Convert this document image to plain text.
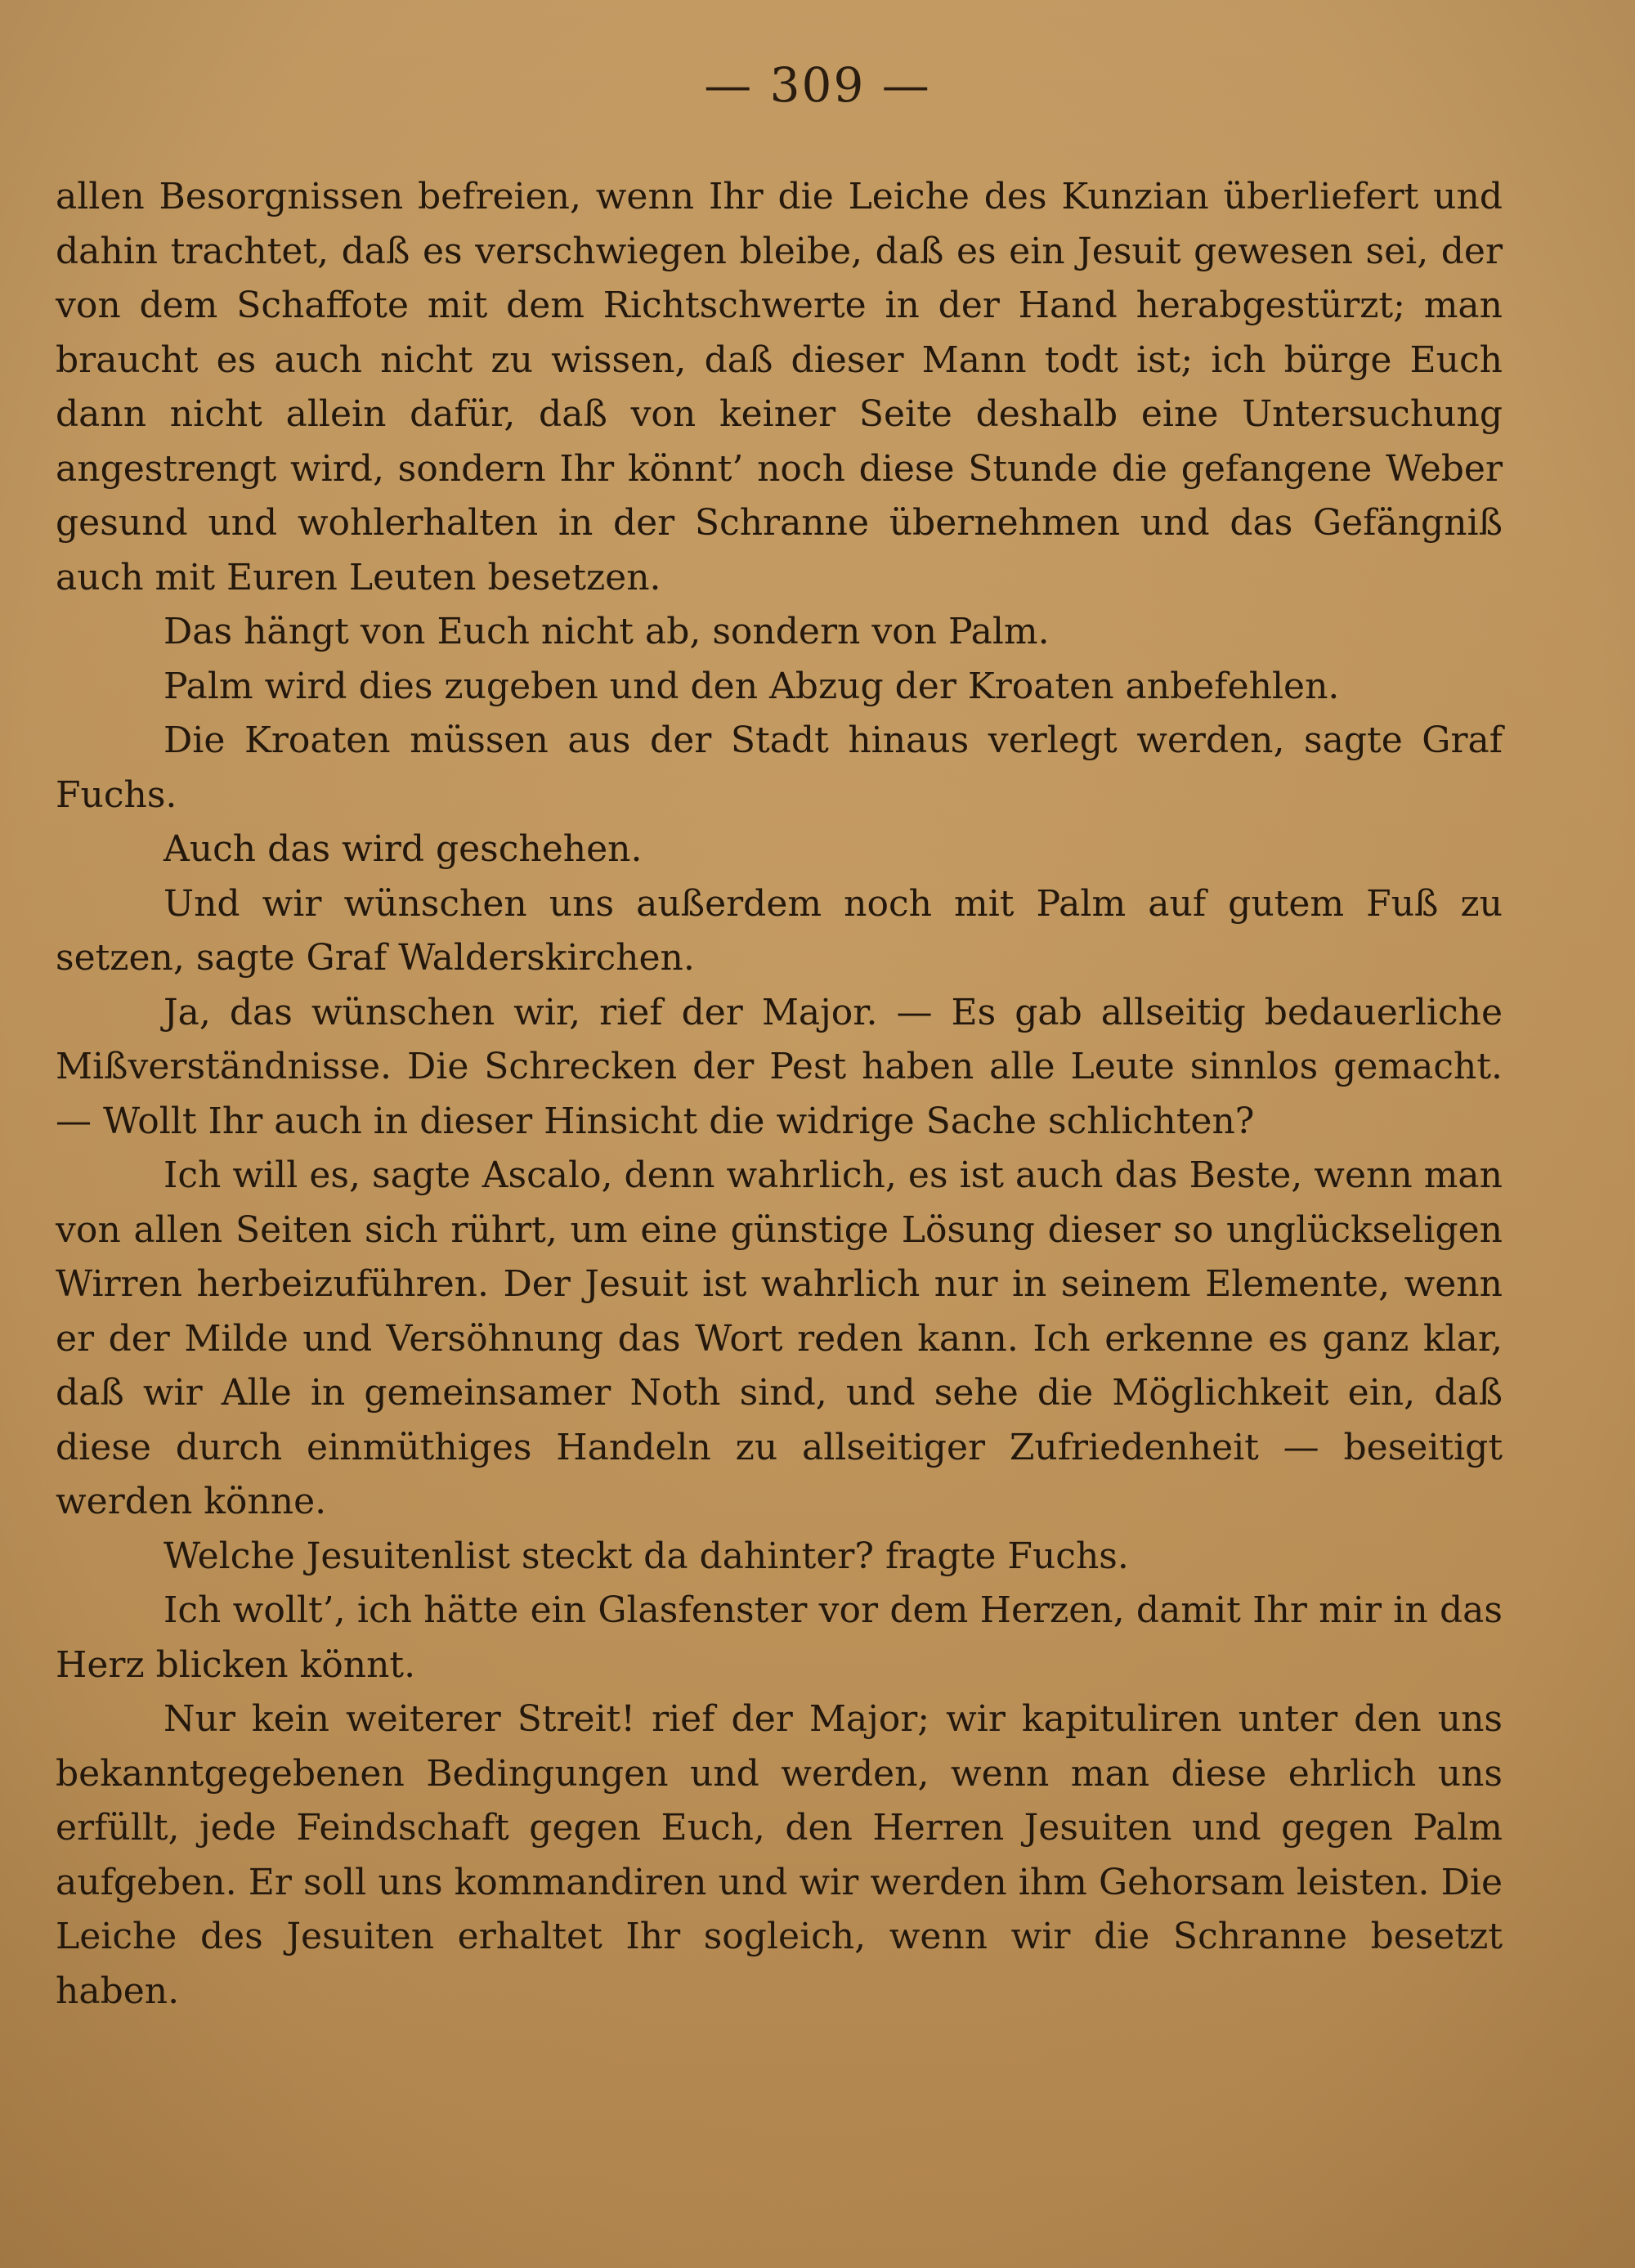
— 309 —

allen Besorgnissen befreien, wenn Ihr die Leiche des Kunzian überliefert und dahin trachtet, daß es verschwiegen bleibe, daß es ein Jesuit gewesen sei, der von dem Schaffote mit dem Richtschwerte in der Hand herabgestürzt; man braucht es auch nicht zu wissen, daß dieser Mann todt ist; ich bürge Euch dann nicht allein dafür, daß von keiner Seite deshalb eine Untersuchung angestrengt wird, sondern Ihr könnt’ noch diese Stunde die gefangene Weber gesund und wohlerhalten in der Schranne übernehmen und das Gefängniß auch mit Euren Leuten besetzen.

Das hängt von Euch nicht ab, sondern von Palm.

Palm wird dies zugeben und den Abzug der Kroaten anbefehlen.

Die Kroaten müssen aus der Stadt hinaus verlegt werden, sagte Graf Fuchs.

Auch das wird geschehen.

Und wir wünschen uns außerdem noch mit Palm auf gutem Fuß zu setzen, sagte Graf Walderskirchen.

Ja, das wünschen wir, rief der Major. — Es gab allseitig bedauerliche Mißverständnisse. Die Schrecken der Pest haben alle Leute sinnlos gemacht. — Wollt Ihr auch in dieser Hinsicht die widrige Sache schlichten?

Ich will es, sagte Ascalo, denn wahrlich, es ist auch das Beste, wenn man von allen Seiten sich rührt, um eine günstige Lösung dieser so unglückseligen Wirren herbeizuführen. Der Jesuit ist wahrlich nur in seinem Elemente, wenn er der Milde und Versöhnung das Wort reden kann. Ich erkenne es ganz klar, daß wir Alle in gemeinsamer Noth sind, und sehe die Möglichkeit ein, daß diese durch einmüthiges Handeln zu allseitiger Zufriedenheit — beseitigt werden könne.

Welche Jesuitenlist steckt da dahinter? fragte Fuchs.

Ich wollt’, ich hätte ein Glasfenster vor dem Herzen, damit Ihr mir in das Herz blicken könnt.

Nur kein weiterer Streit! rief der Major; wir kapituliren unter den uns bekanntgegebenen Bedingungen und werden, wenn man diese ehrlich uns erfüllt, jede Feindschaft gegen Euch, den Herren Jesuiten und gegen Palm aufgeben. Er soll uns kommandiren und wir werden ihm Gehorsam leisten. Die Leiche des Jesuiten erhaltet Ihr sogleich, wenn wir die Schranne besetzt haben.
